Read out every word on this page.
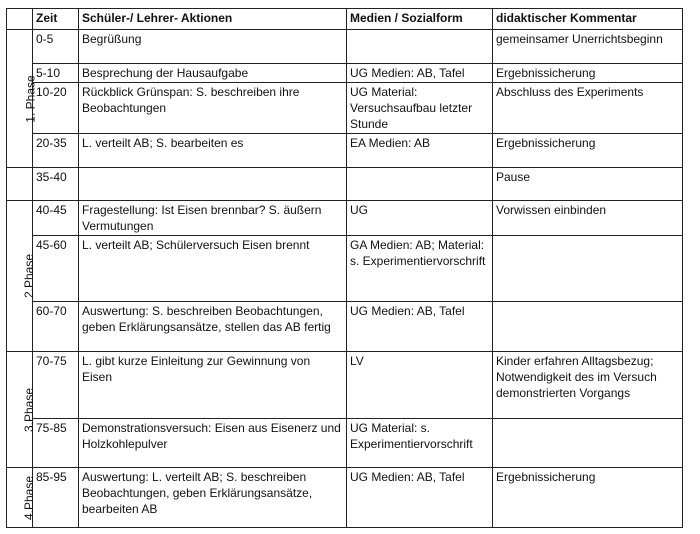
	Zeit	Schüler-/ Lehrer- Aktionen	Medien / Sozialform	didaktischer Kommentar
1. Phase	0-5	Begrüßung		gemeinsamer Unerrichtsbeginn
	5-10	Besprechung der Hausaufgabe	UG Medien: AB, Tafel	Ergebnissicherung
	10-20	Rückblick Grünspan: S. beschreiben ihre Beobachtungen	UG Material: Versuchsaufbau letzter Stunde	Abschluss des Experiments
	20-35	L. verteilt AB; S. bearbeiten es	EA Medien: AB	Ergebnissicherung
	35-40			Pause
2.Phase	40-45	Fragestellung: Ist Eisen brennbar? S. äußern Vermutungen	UG	Vorwissen einbinden
	45-60	L. verteilt AB; Schülerversuch Eisen brennt	GA Medien: AB; Material: s. Experimentiervorschrift	
	60-70	Auswertung: S. beschreiben Beobachtungen, geben Erklärungsansätze, stellen das AB fertig	UG Medien: AB, Tafel	
3.Phase	70-75	L. gibt kurze Einleitung zur Gewinnung von Eisen	LV	Kinder erfahren Alltagsbezug; Notwendigkeit des im Versuch demonstrierten Vorgangs
	75-85	Demonstrationsversuch: Eisen aus Eisenerz und Holzkohlepulver	UG Material: s. Experimentiervorschrift	
4.Phase	85-95	Auswertung: L. verteilt AB; S. beschreiben Beobachtungen, geben Erklärungsansätze, bearbeiten AB	UG Medien: AB, Tafel	Ergebnissicherung
